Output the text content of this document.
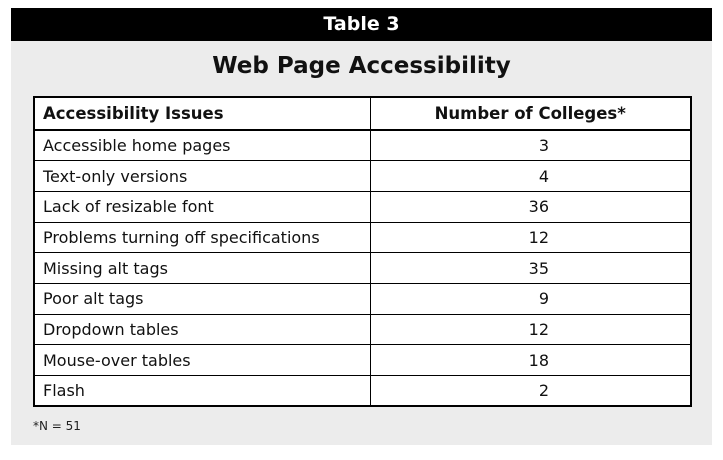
Table 3
Web Page Accessibility
Accessibility Issues	Number of Colleges*
Accessible home pages	3
Text-only versions	4
Lack of resizable font	36
Problems turning off specifications	12
Missing alt tags	35
Poor alt tags	9
Dropdown tables	12
Mouse-over tables	18
Flash	2
*N = 51
